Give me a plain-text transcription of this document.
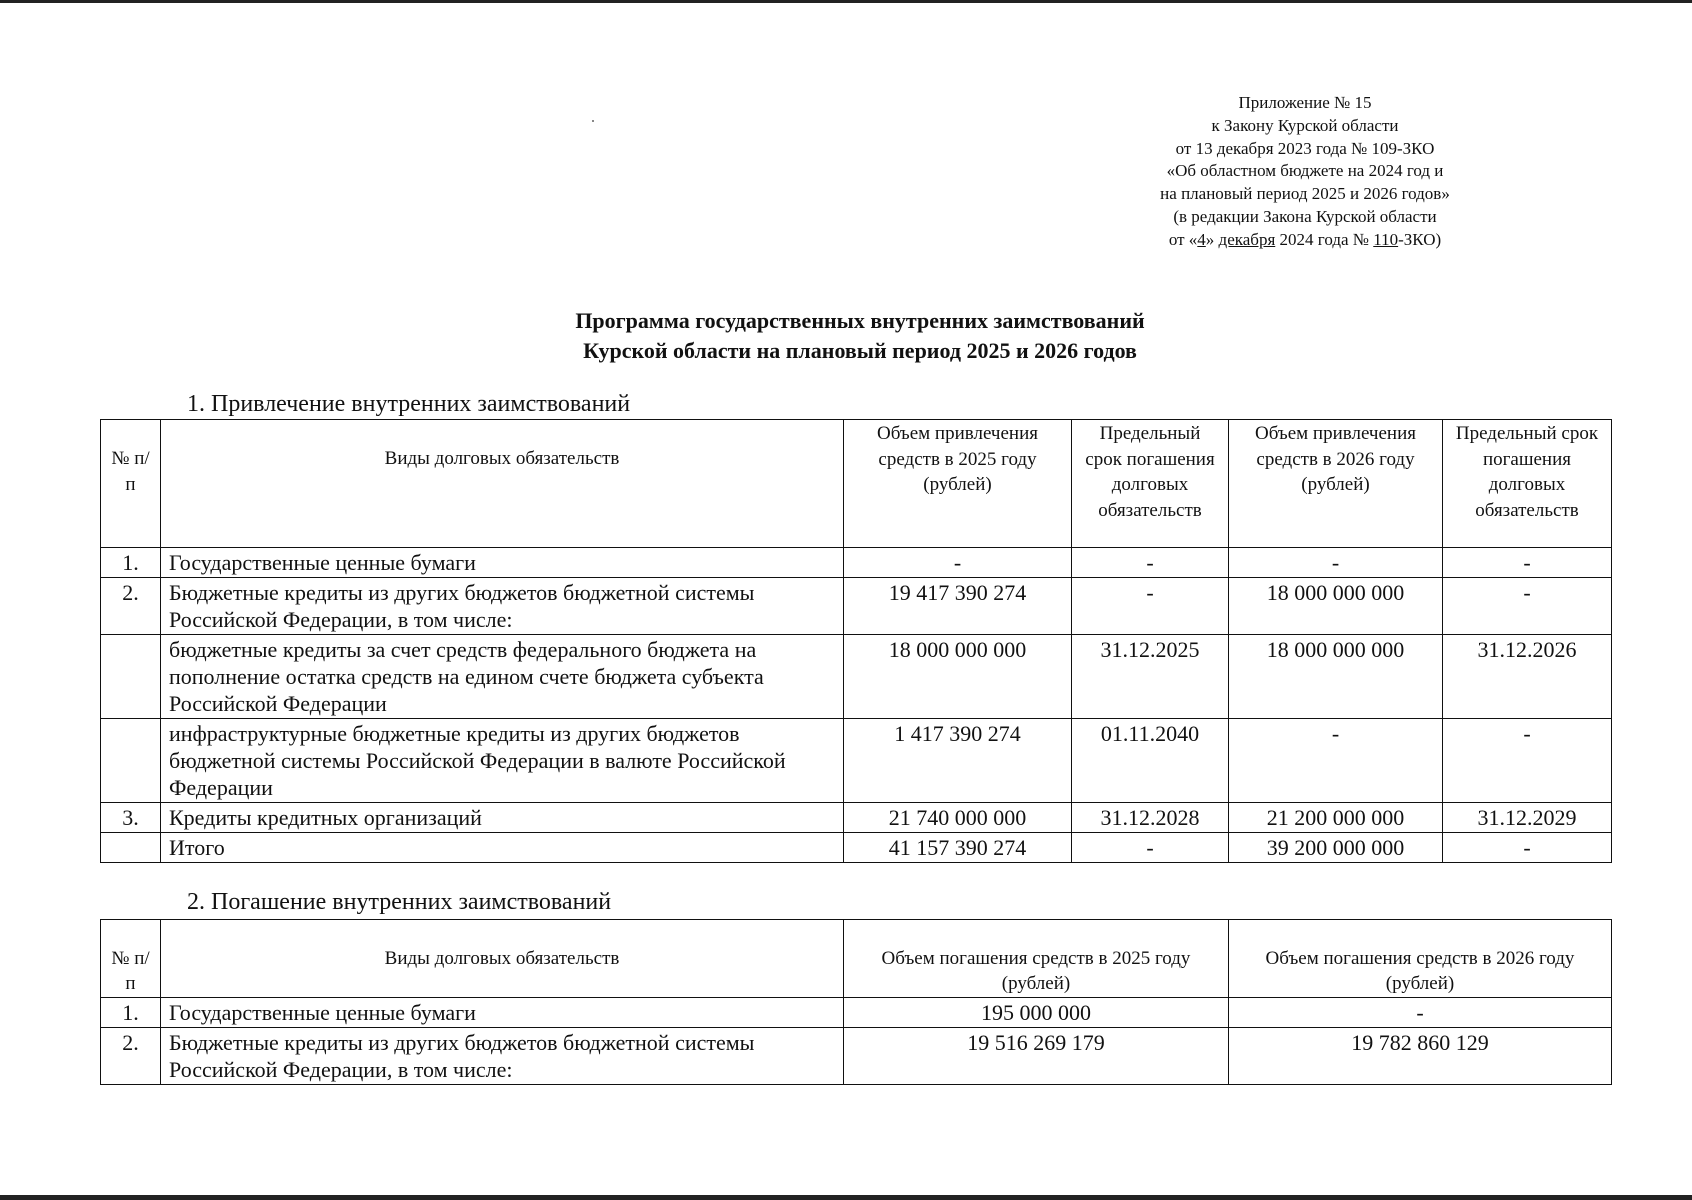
Приложение № 15
к Закону Курской области
от 13 декабря 2023 года № 109-ЗКО
«Об областном бюджете на 2024 год и
на плановый период 2025 и 2026 годов»
(в редакции Закона Курской области
от «4» декабря 2024 года № 110-ЗКО)
Программа государственных внутренних заимствований
Курской области на плановый период 2025 и 2026 годов
1. Привлечение внутренних заимствований
№ п/п	Виды долговых обязательств	Объем привлечения средств в 2025 году (рублей)	Предельный срок погашения долговых обязательств	Объем привлечения средств в 2026 году (рублей)	Предельный срок погашения долговых обязательств
1.	Государственные ценные бумаги	-	-	-	-
2.	Бюджетные кредиты из других бюджетов бюджетной системы Российской Федерации, в том числе:	19 417 390 274	-	18 000 000 000	-
	бюджетные кредиты за счет средств федерального бюджета на пополнение остатка средств на едином счете бюджета субъекта Российской Федерации	18 000 000 000	31.12.2025	18 000 000 000	31.12.2026
	инфраструктурные бюджетные кредиты из других бюджетов бюджетной системы Российской Федерации в валюте Российской Федерации	1 417 390 274	01.11.2040	-	-
3.	Кредиты кредитных организаций	21 740 000 000	31.12.2028	21 200 000 000	31.12.2029
	Итого	41 157 390 274	-	39 200 000 000	-
2. Погашение внутренних заимствований
№ п/п	Виды долговых обязательств	Объем погашения средств в 2025 году (рублей)	Объем погашения средств в 2026 году (рублей)
1.	Государственные ценные бумаги	195 000 000	-
2.	Бюджетные кредиты из других бюджетов бюджетной системы Российской Федерации, в том числе:	19 516 269 179	19 782 860 129
